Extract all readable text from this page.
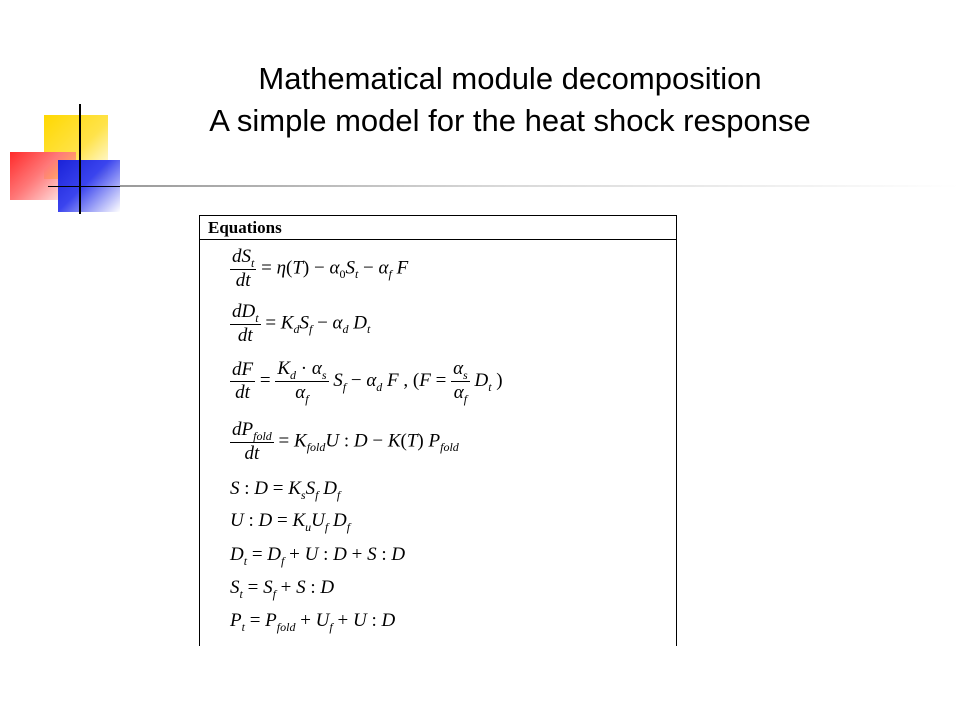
Mathematical module decomposition
A simple model for the heat shock response
Equations
$\frac{dS_t}{dt} = \eta(T) - \alpha_0S_t - \alpha_f$ F
$\frac{dD_t}{dt} = K_dS_f - \alpha_d$ $D_t$
$\frac{dF}{dt} = \frac{K_d \cdot \alpha_s}{\alpha_f} S_f - \alpha_d$ F , ($F = \frac{\alpha_s}{\alpha_f} D_t$ )
$\frac{dP_{fold}}{dt} = K_{fold}U$ : D − K(T) $P_{fold}$
S : $D = K_sS_f$ $D_f$
U : $D = K_uU_f$ $D_f$
$D_t = D_f + U$ : D + S : D
$S_t = S_f + S$ : D
$P_t = P_{fold} + U_f + U$ : D
